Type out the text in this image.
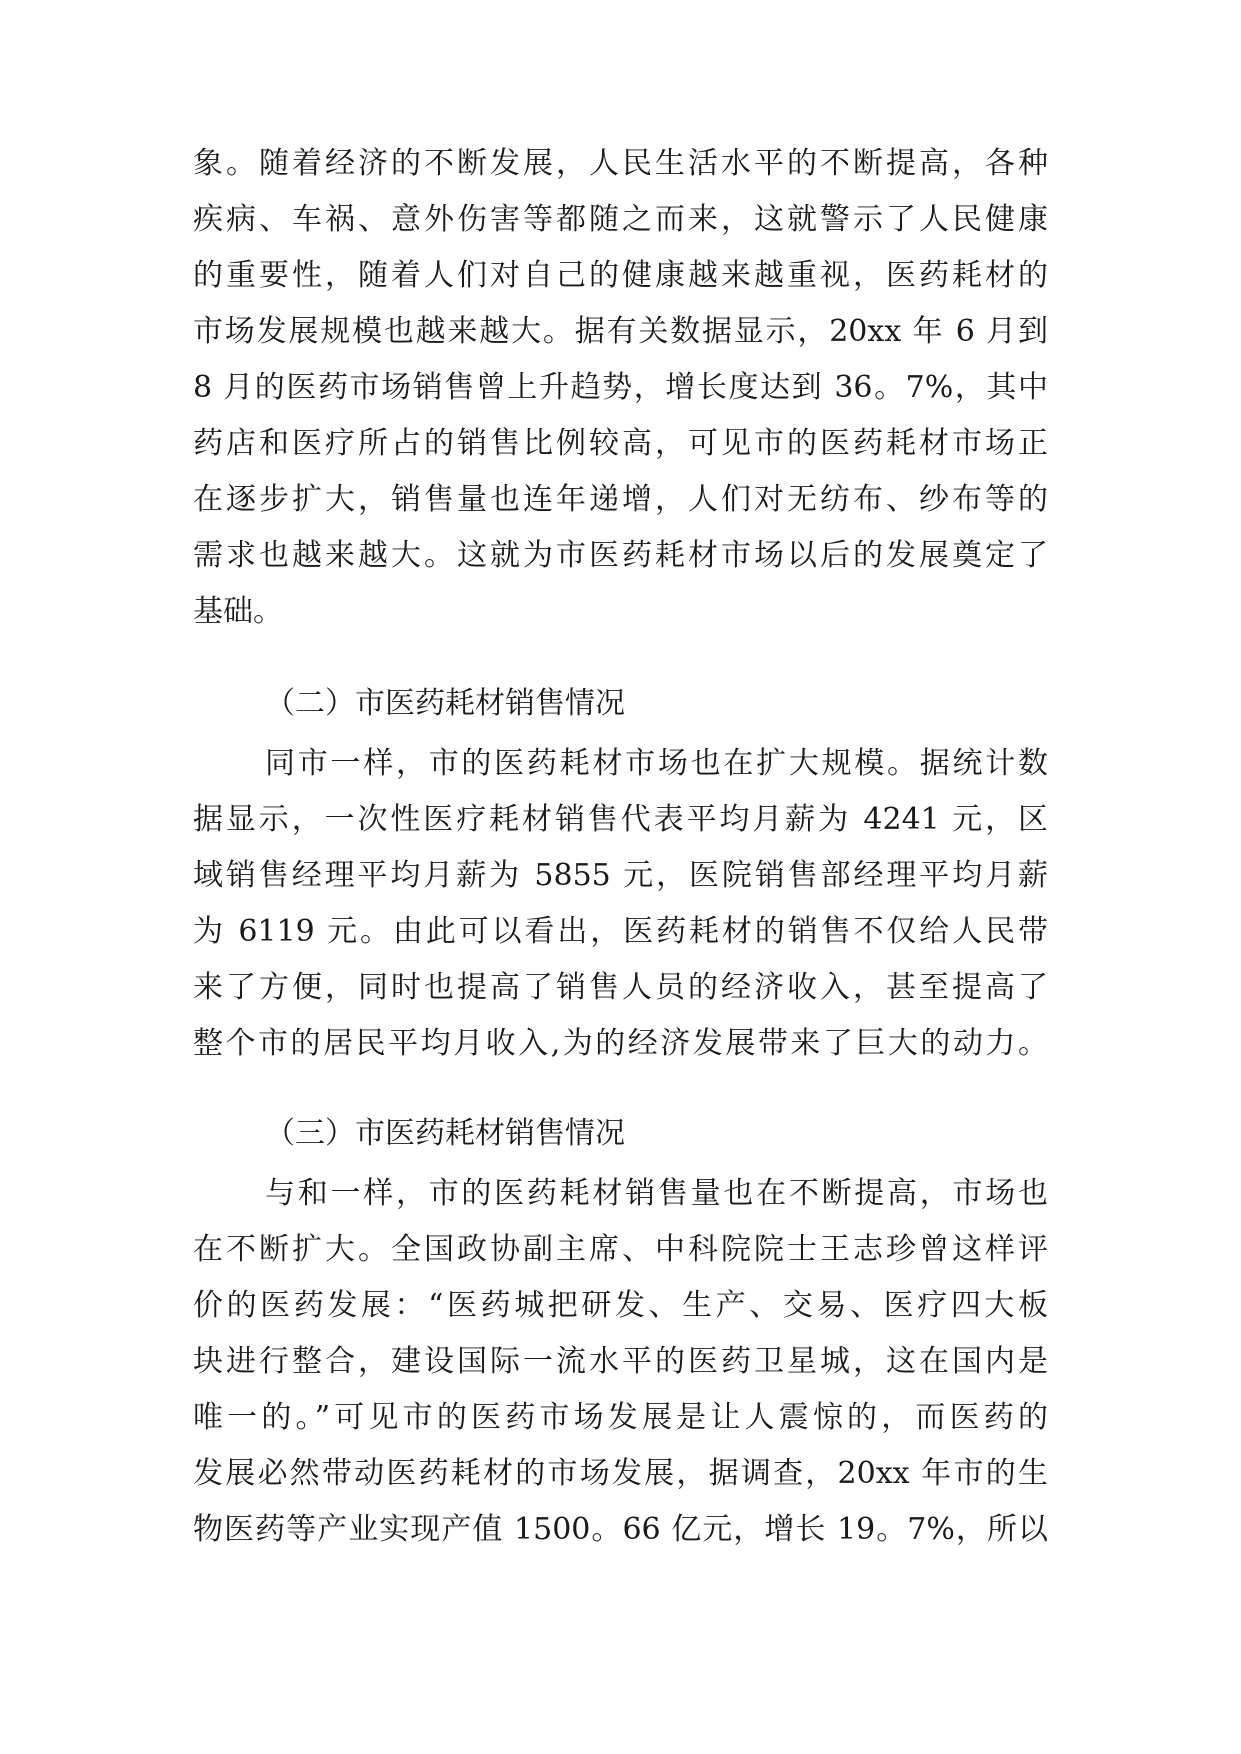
象。随着经济的不断发展，人民生活水平的不断提高，各种
疾病、车祸、意外伤害等都随之而来，这就警示了人民健康
的重要性，随着人们对自己的健康越来越重视，医药耗材的
市场发展规模也越来越大。据有关数据显示，20xx 年 6 月到
8 月的医药市场销售曾上升趋势，增长度达到 36。7%，其中
药店和医疗所占的销售比例较高，可见市的医药耗材市场正
在逐步扩大，销售量也连年递增，人们对无纺布、纱布等的
需求也越来越大。这就为市医药耗材市场以后的发展奠定了
基础。
（二）市医药耗材销售情况
同市一样，市的医药耗材市场也在扩大规模。据统计数
据显示，一次性医疗耗材销售代表平均月薪为 4241 元，区
域销售经理平均月薪为 5855 元，医院销售部经理平均月薪
为 6119 元。由此可以看出，医药耗材的销售不仅给人民带
来了方便，同时也提高了销售人员的经济收入，甚至提高了
整个市的居民平均月收入,为的经济发展带来了巨大的动力。
（三）市医药耗材销售情况
与和一样，市的医药耗材销售量也在不断提高，市场也
在不断扩大。全国政协副主席、中科院院士王志珍曾这样评
价的医药发展：“医药城把研发、生产、交易、医疗四大板
块进行整合，建设国际一流水平的医药卫星城，这在国内是
唯一的。”可见市的医药市场发展是让人震惊的，而医药的
发展必然带动医药耗材的市场发展，据调查，20xx 年市的生
物医药等产业实现产值 1500。66 亿元，增长 19。7%，所以
